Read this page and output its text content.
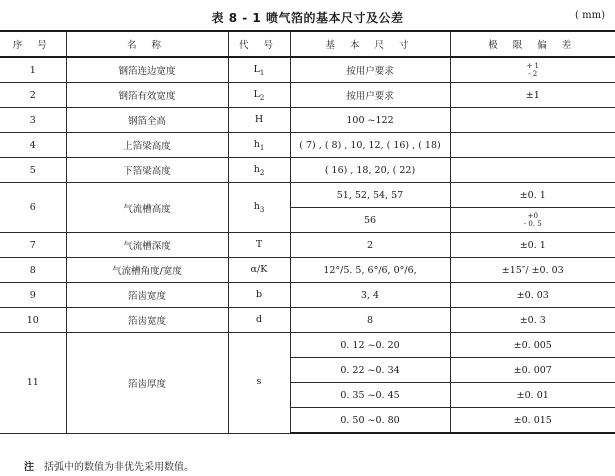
表 8 - 1 喷气箔的基本尺寸及公差	( mm)
序 号	名 称	代 号	基 本 尺 寸	极 限 偏 差
1	钢箔连边宽度	$L_1$	按用户要求	+ 1
- 2

2	钢箔有效宽度	$L_2$	按用户要求	±1
3	钢箔全高	H	100 ~122	
4	上箔梁高度	$h_1$	( 7) , ( 8) , 10, 12, ( 16) , ( 18)	
5	下箔梁高度	$h_2$	( 16) , 18, 20, ( 22)	
6	气流槽高度	$h_3$	51, 52, 54, 57	±0. 1
			56	+0
- 0. 5

7	气流槽深度	T	2	±0. 1
8	气流槽角度/宽度	α/K	12°/5. 5, 6°/6, 0°/6,	±15″/ ±0. 03
9	箔齿宽度	b	3, 4	±0. 03
10	箔齿宽度	d	8	±0. 3
11	箔齿厚度	s	0. 12 ~0. 20	±0. 005
			0. 22 ~0. 34	±0. 007
			0. 35 ~0. 45	±0. 01
			0. 50 ~0. 80	±0. 015
注 括弧中的数值为非优先采用数值。
